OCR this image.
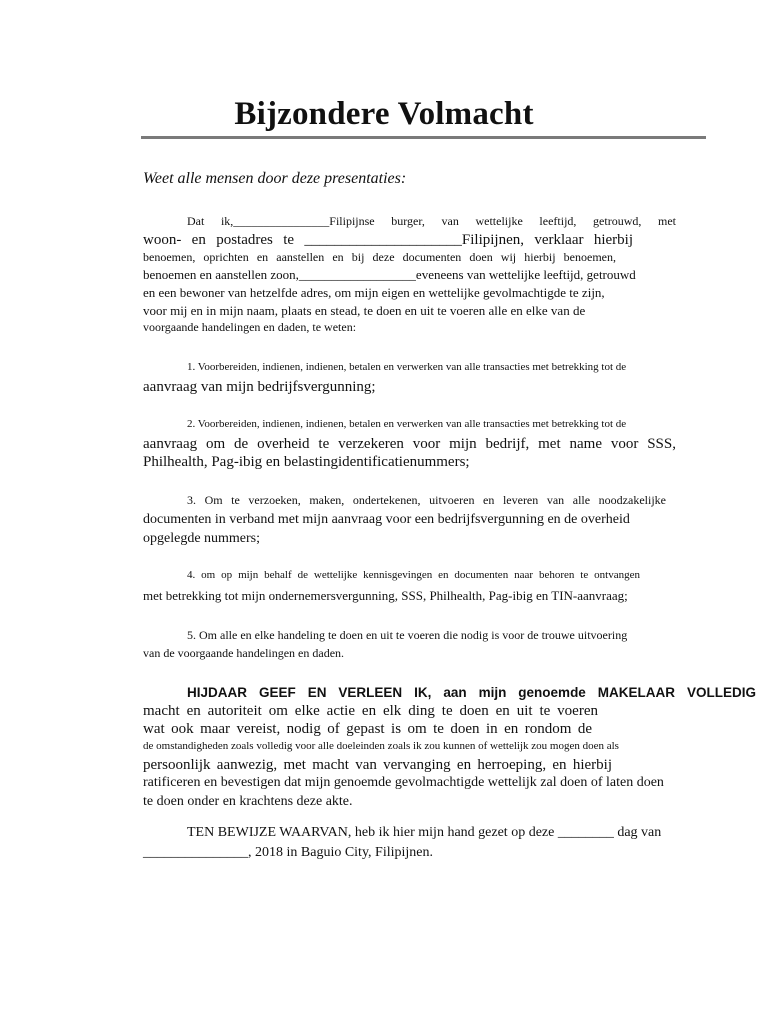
Bijzondere Volmacht
Weet alle mensen door deze presentaties:
Dat ik,________________Filipijnse burger, van wettelijke leeftijd, getrouwd, met
woon- en postadres te _____________________Filipijnen, verklaar hierbij
benoemen, oprichten en aanstellen en bij deze documenten doen wij hierbij benoemen,
benoemen en aanstellen zoon,__________________eveneens van wettelijke leeftijd, getrouwd
en een bewoner van hetzelfde adres, om mijn eigen en wettelijke gevolmachtigde te zijn,
voor mij en in mijn naam, plaats en stead, te doen en uit te voeren alle en elke van de
voorgaande handelingen en daden, te weten:
1. Voorbereiden, indienen, indienen, betalen en verwerken van alle transacties met betrekking tot de
aanvraag van mijn bedrijfsvergunning;
2. Voorbereiden, indienen, indienen, betalen en verwerken van alle transacties met betrekking tot de
aanvraag om de overheid te verzekeren voor mijn bedrijf, met name voor SSS,
Philhealth, Pag-ibig en belastingidentificatienummers;
3. Om te verzoeken, maken, ondertekenen, uitvoeren en leveren van alle noodzakelijke
documenten in verband met mijn aanvraag voor een bedrijfsvergunning en de overheid
opgelegde nummers;
4. om op mijn behalf de wettelijke kennisgevingen en documenten naar behoren te ontvangen
met betrekking tot mijn ondernemersvergunning, SSS, Philhealth, Pag-ibig en TIN-aanvraag;
5. Om alle en elke handeling te doen en uit te voeren die nodig is voor de trouwe uitvoering
van de voorgaande handelingen en daden.
HIJDAAR GEEF EN VERLEEN IK, aan mijn genoemde MAKELAAR VOLLEDIG
macht en autoriteit om elke actie en elk ding te doen en uit te voeren
wat ook maar vereist, nodig of gepast is om te doen in en rondom de
de omstandigheden zoals volledig voor alle doeleinden zoals ik zou kunnen of wettelijk zou mogen doen als
persoonlijk aanwezig, met macht van vervanging en herroeping, en hierbij
ratificeren en bevestigen dat mijn genoemde gevolmachtigde wettelijk zal doen of laten doen
te doen onder en krachtens deze akte.
TEN BEWIJZE WAARVAN, heb ik hier mijn hand gezet op deze ________ dag van
_______________, 2018 in Baguio City, Filipijnen.
